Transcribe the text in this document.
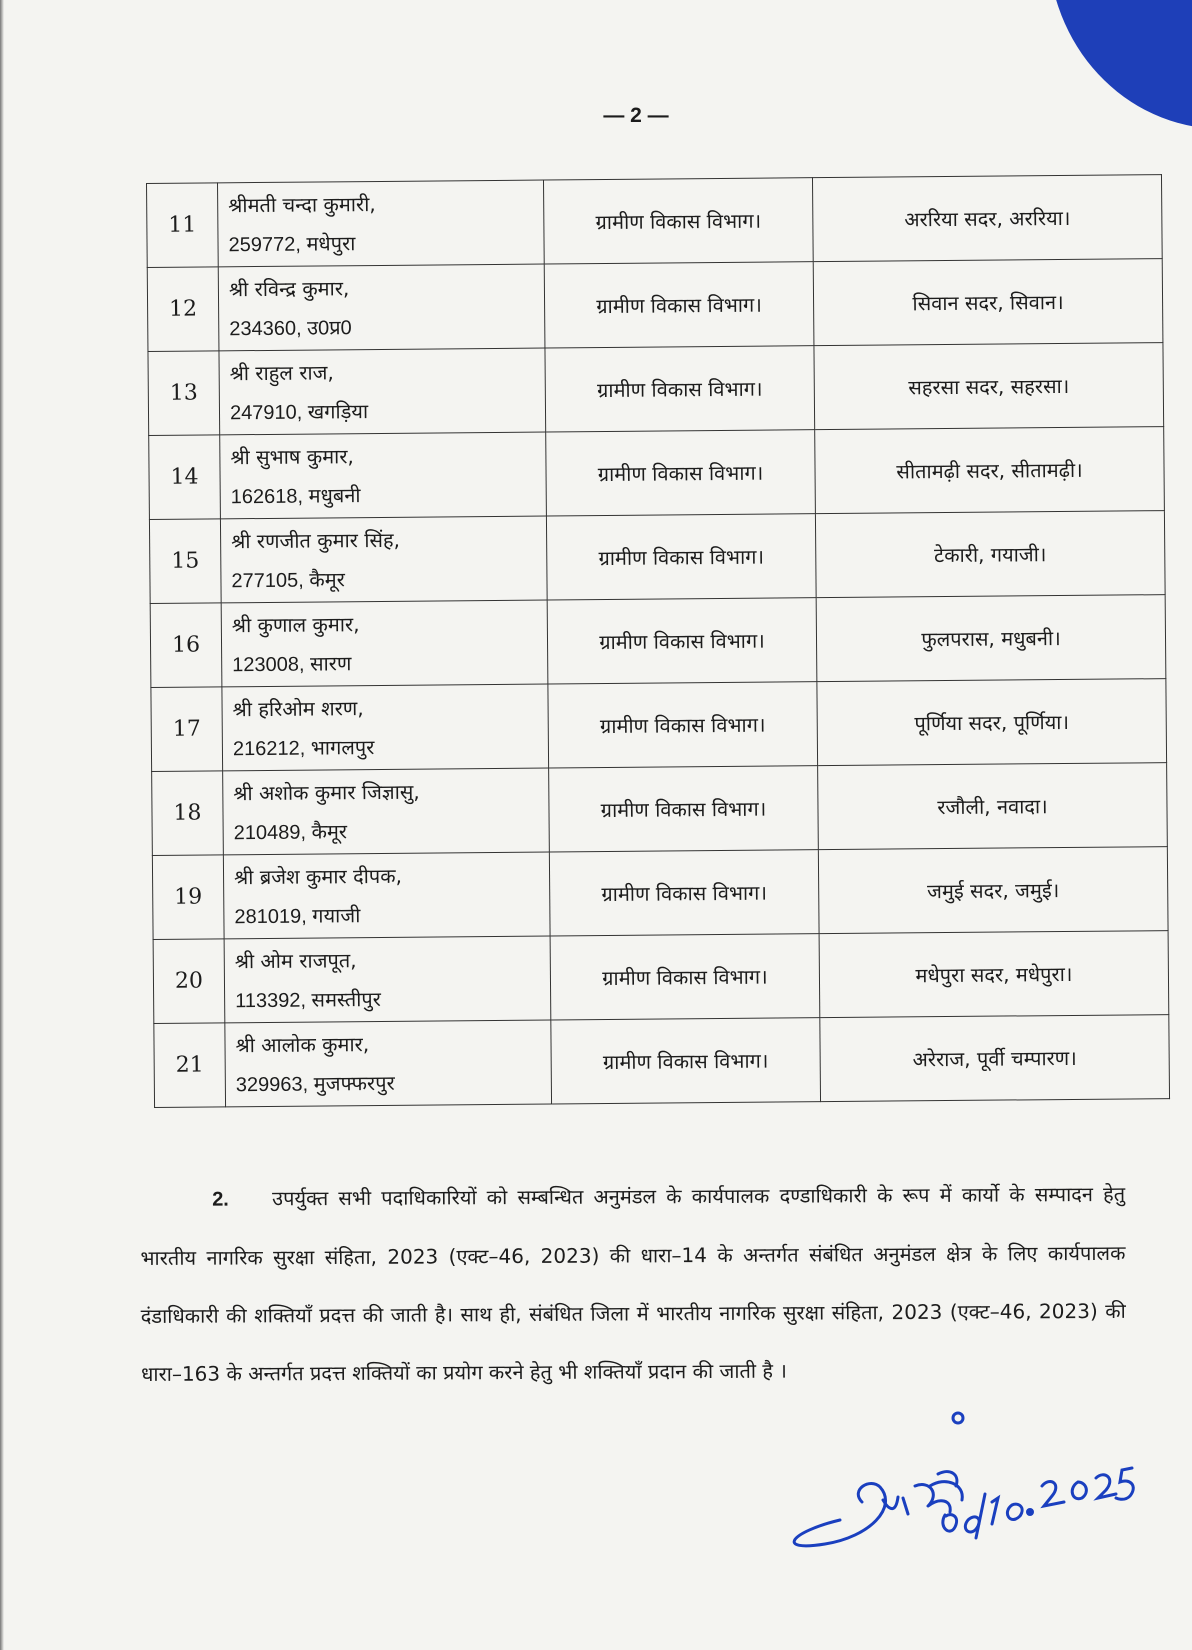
— 2 —
11	श्रीमती चन्दा कुमारी,
259772, मधेपुरा	ग्रामीण विकास विभाग।	अररिया सदर, अररिया।
12	श्री रविन्द्र कुमार,
234360, उ0प्र0	ग्रामीण विकास विभाग।	सिवान सदर, सिवान।
13	श्री राहुल राज,
247910, खगड़िया	ग्रामीण विकास विभाग।	सहरसा सदर, सहरसा।
14	श्री सुभाष कुमार,
162618, मधुबनी	ग्रामीण विकास विभाग।	सीतामढ़ी सदर, सीतामढ़ी।
15	श्री रणजीत कुमार सिंह,
277105, कैमूर	ग्रामीण विकास विभाग।	टेकारी, गयाजी।
16	श्री कुणाल कुमार,
123008, सारण	ग्रामीण विकास विभाग।	फुलपरास, मधुबनी।
17	श्री हरिओम शरण,
216212, भागलपुर	ग्रामीण विकास विभाग।	पूर्णिया सदर, पूर्णिया।
18	श्री अशोक कुमार जिज्ञासु,
210489, कैमूर	ग्रामीण विकास विभाग।	रजौली, नवादा।
19	श्री ब्रजेश कुमार दीपक,
281019, गयाजी	ग्रामीण विकास विभाग।	जमुई सदर, जमुई।
20	श्री ओम राजपूत,
113392, समस्तीपुर	ग्रामीण विकास विभाग।	मधेपुरा सदर, मधेपुरा।
21	श्री आलोक कुमार,
329963, मुजफ्फरपुर	ग्रामीण विकास विभाग।	अरेराज, पूर्वी चम्पारण।
2. उपर्युक्त सभी पदाधिकारियों को सम्बन्धित अनुमंडल के कार्यपालक दण्डाधिकारी के रूप में कार्यो के सम्पादन हेतु भारतीय नागरिक सुरक्षा संहिता, 2023 (एक्ट–46, 2023) की धारा–14 के अन्तर्गत संबंधित अनुमंडल क्षेत्र के लिए कार्यपालक दंडाधिकारी की शक्तियाँ प्रदत्त की जाती है। साथ ही, संबंधित जिला में भारतीय नागरिक सुरक्षा संहिता, 2023 (एक्ट–46, 2023) की धारा–163 के अन्तर्गत प्रदत्त शक्तियों का प्रयोग करने हेतु भी शक्तियाँ प्रदान की जाती है ।
